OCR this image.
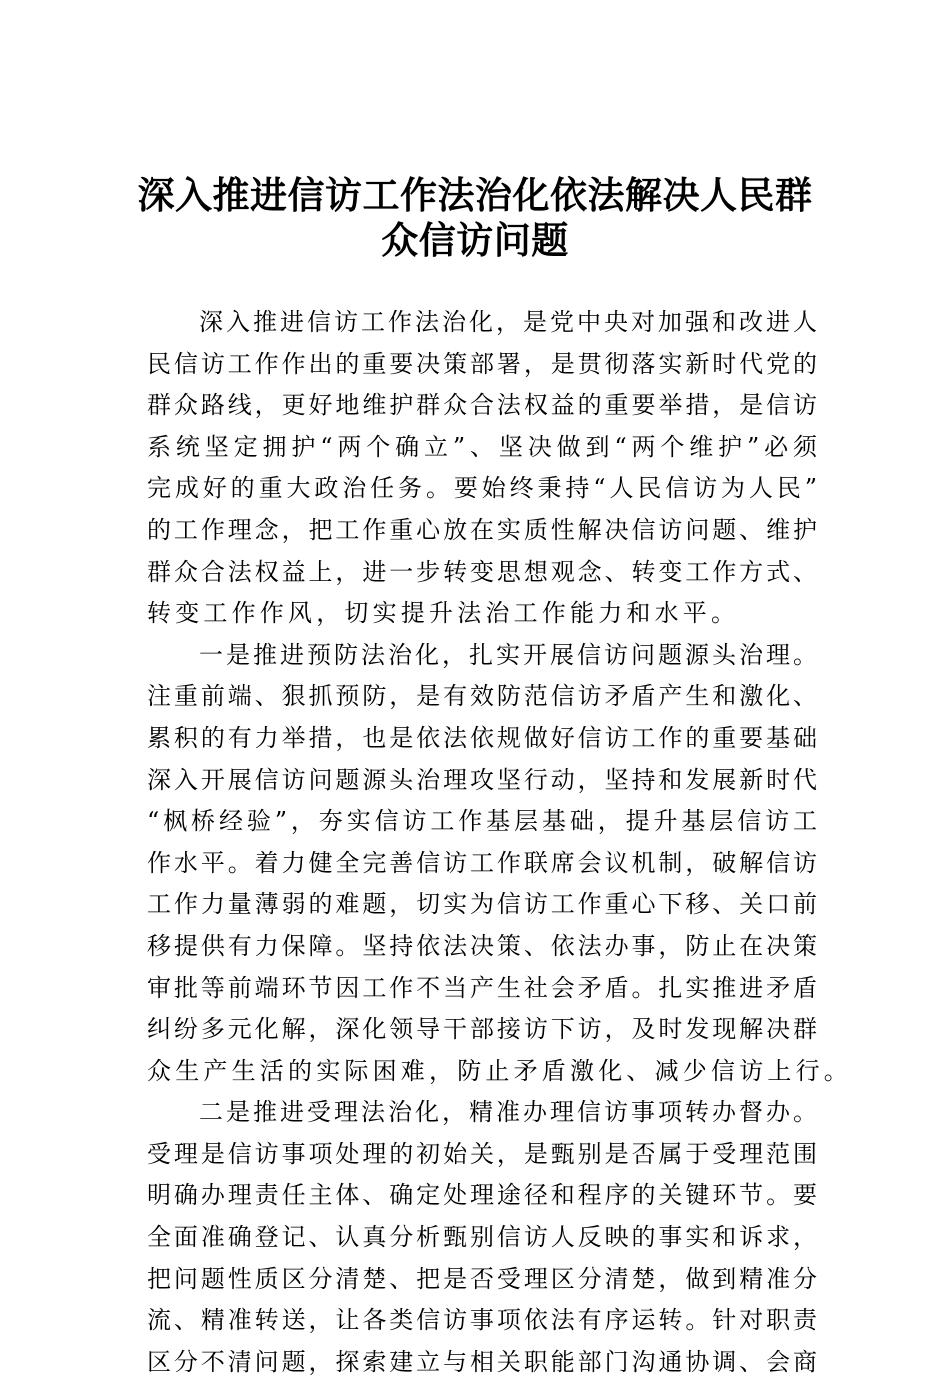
深入推进信访工作法治化依法解决人民群
众信访问题
深入推进信访工作法治化，是党中央对加强和改进人
民信访工作作出的重要决策部署，是贯彻落实新时代党的
群众路线，更好地维护群众合法权益的重要举措，是信访
系统坚定拥护“两个确立”、坚决做到“两个维护”必须
完成好的重大政治任务。要始终秉持“人民信访为人民”
的工作理念，把工作重心放在实质性解决信访问题、维护
群众合法权益上，进一步转变思想观念、转变工作方式、
转变工作作风，切实提升法治工作能力和水平。
一是推进预防法治化，扎实开展信访问题源头治理。
注重前端、狠抓预防，是有效防范信访矛盾产生和激化、
累积的有力举措，也是依法依规做好信访工作的重要基础
深入开展信访问题源头治理攻坚行动，坚持和发展新时代
“枫桥经验”，夯实信访工作基层基础，提升基层信访工
作水平。着力健全完善信访工作联席会议机制，破解信访
工作力量薄弱的难题，切实为信访工作重心下移、关口前
移提供有力保障。坚持依法决策、依法办事，防止在决策
审批等前端环节因工作不当产生社会矛盾。扎实推进矛盾
纠纷多元化解，深化领导干部接访下访，及时发现解决群
众生产生活的实际困难，防止矛盾激化、减少信访上行。
二是推进受理法治化，精准办理信访事项转办督办。
受理是信访事项处理的初始关，是甄别是否属于受理范围
明确办理责任主体、确定处理途径和程序的关键环节。要
全面准确登记、认真分析甄别信访人反映的事实和诉求，
把问题性质区分清楚、把是否受理区分清楚，做到精准分
流、精准转送，让各类信访事项依法有序运转。针对职责
区分不清问题，探索建立与相关职能部门沟通协调、会商
